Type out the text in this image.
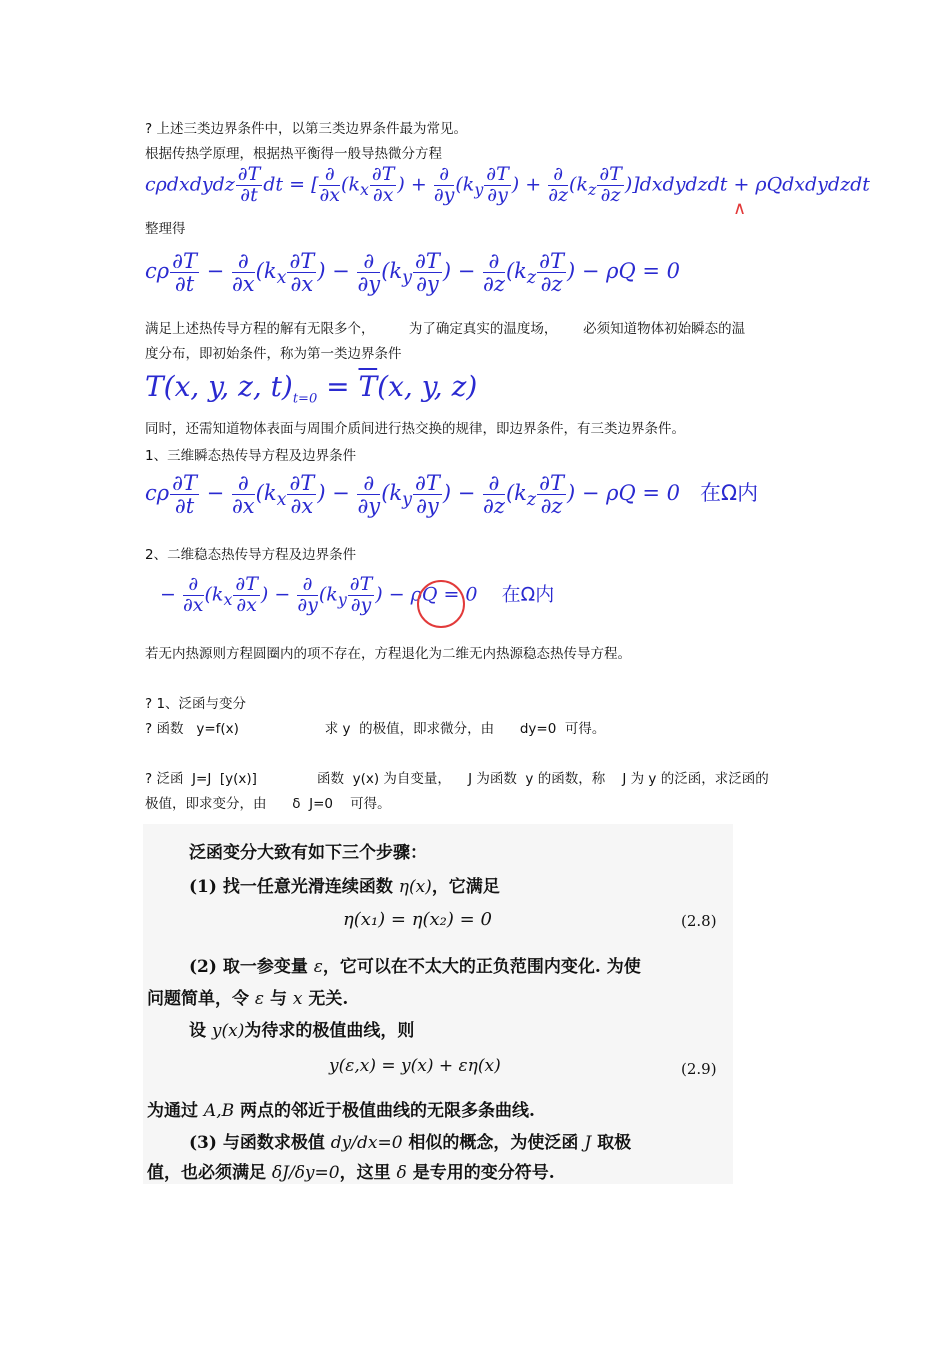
? 上述三类边界条件中，以第三类边界条件最为常见。
根据传热学原理，根据热平衡得一般导热微分方程
cρdxdydz $\frac{\partial T}{\partial t}$ dt = [ $\frac{\partial}{\partial x} (k_x \frac{\partial T}{\partial x}$ ) + $\frac{\partial}{\partial y} (k_y \frac{\partial T}{\partial y}$ ) + $\frac{\partial}{\partial z} (k_z \frac{\partial T}{\partial z}$ )]dxdydzdt + ρQdxdydzdt
∧
整理得
cρ $\frac{\partial T}{\partial t} - \frac{\partial}{\partial x} (k_x \frac{\partial T}{\partial x}$ ) − $\frac{\partial}{\partial y} (k_y \frac{\partial T}{\partial y}$ ) − $\frac{\partial}{\partial z} (k_z \frac{\partial T}{\partial z}$ ) − ρQ = 0
满足上述热传导方程的解有无限多个，        为了确定真实的温度场，      必须知道物体初始瞬态的温
度分布，即初始条件，称为第一类边界条件
T(x, y, z, $t)_{t=0} = \overline{T}(x$, y, z)
同时，还需知道物体表面与周围介质间进行热交换的规律，即边界条件，有三类边界条件。
1、三维瞬态热传导方程及边界条件
cρ $\frac{\partial T}{\partial t} - \frac{\partial}{\partial x} (k_x \frac{\partial T}{\partial x}$ ) − $\frac{\partial}{\partial y} (k_y \frac{\partial T}{\partial y}$ ) − $\frac{\partial}{\partial z} (k_z \frac{\partial T}{\partial z}$ ) − ρQ = 0   在Ω内
2、二维稳态热传导方程及边界条件
− $\frac{\partial}{\partial x} (k_x \frac{\partial T}{\partial x}$ ) − $\frac{\partial}{\partial y} (k_y \frac{\partial T}{\partial y}$ ) − ρQ = 0    在Ω内
若无内热源则方程圆圈内的项不存在，方程退化为二维无内热源稳态热传导方程。
? 1、泛函与变分
? 函数   y=f(x)                    求 y  的极值，即求微分，由      dy=0  可得。
? 泛函  J=J  [y(x)]              函数  y(x) 为自变量，    J 为函数  y 的函数，称    J 为 y 的泛函，求泛函的
极值，即求变分，由      δ  J=0    可得。
泛函变分大致有如下三个步骤：
(1) 找一任意光滑连续函数 η(x)，它满足
η(x₁) = η(x₂) = 0	(2.8)
(2) 取一参变量 ε，它可以在不太大的正负范围内变化. 为使
问题简单，令 ε 与 x 无关.
设 y(x)为待求的极值曲线，则
y(ε,x) = y(x) + εη(x)	(2.9)
为通过 A,B 两点的邻近于极值曲线的无限多条曲线.
(3) 与函数求极值 dy/dx=0 相似的概念，为使泛函 J 取极
值，也必须满足 δJ/δy=0，这里 δ 是专用的变分符号.
